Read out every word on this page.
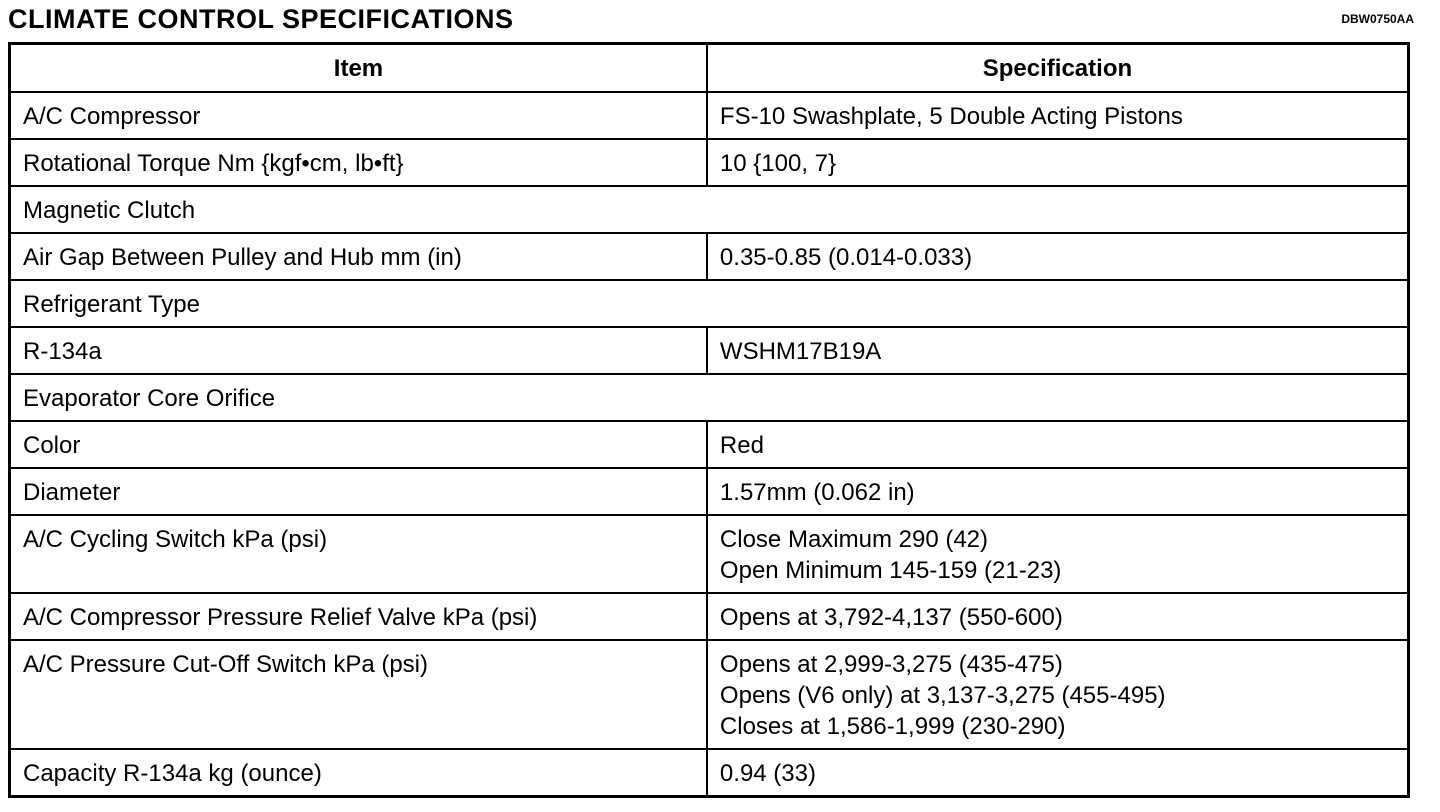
CLIMATE CONTROL SPECIFICATIONS	DBW0750AA
Item	Specification
A/C Compressor	FS-10 Swashplate, 5 Double Acting Pistons

Rotational Torque Nm {kgf•cm, lb•ft}	10 {100, 7}

Magnetic Clutch	
Air Gap Between Pulley and Hub mm (in)	0.35-0.85 (0.014-0.033)

Refrigerant Type	
R-134a	WSHM17B19A

Evaporator Core Orifice	
Color	Red

Diameter	1.57mm (0.062 in)

A/C Cycling Switch kPa (psi)	Close Maximum 290 (42)
Open Minimum 145-159 (21-23)

A/C Compressor Pressure Relief Valve kPa (psi)	Opens at 3,792-4,137 (550-600)

A/C Pressure Cut-Off Switch kPa (psi)	Opens at 2,999-3,275 (435-475)
Opens (V6 only) at 3,137-3,275 (455-495)
Closes at 1,586-1,999 (230-290)

Capacity R-134a kg (ounce)	0.94 (33)
